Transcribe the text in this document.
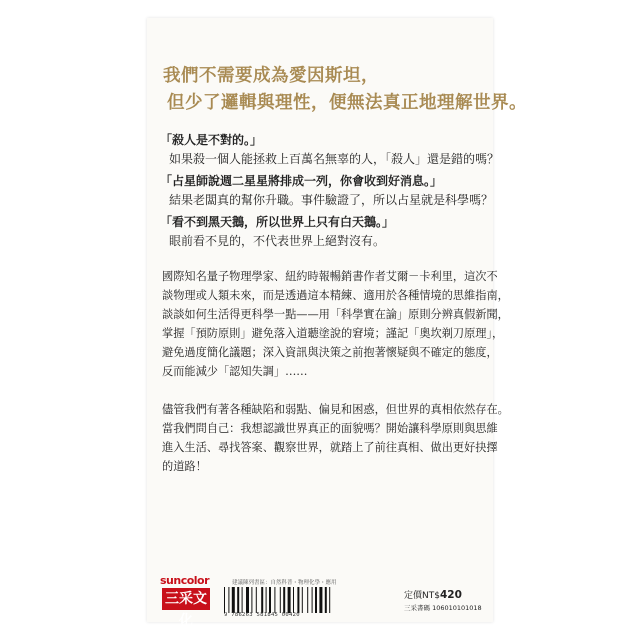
我們不需要成為愛因斯坦，
但少了邏輯與理性，便無法真正地理解世界。
「殺人是不對的。」
如果殺一個人能拯救上百萬名無辜的人，「殺人」還是錯的嗎？
「占星師說週二星星將排成一列，你會收到好消息。」
結果老闆真的幫你升職。事件驗證了，所以占星就是科學嗎？
「看不到黑天鵝，所以世界上只有白天鵝。」
眼前看不見的，不代表世界上絕對沒有。
國際知名量子物理學家、紐約時報暢銷書作者艾爾－卡利里，這次不
談物理或人類未來，而是透過這本精練、適用於各種情境的思維指南，
談談如何生活得更科學一點——用「科學實在論」原則分辨真假新聞，
掌握「預防原則」避免落入道聽塗說的窘境；謹記「奧坎剃刀原理」，
避免過度簡化議題；深入資訊與決策之前抱著懷疑與不確定的態度，
反而能減少「認知失調」……
儘管我們有著各種缺陷和弱點、偏見和困惑，但世界的真相依然存在。
當我們問自己：我想認識世界真正的面貌嗎？開始讓科學原則與思維
進入生活、尋找答案、觀察世界，就踏上了前往真相、做出更好抉擇
的道路！
suncolor
三采文化
建議陳列書區：自然科普・物理化學・應用
9 786263 581845 00420
定價NT$420
三采書碼 106010101018
